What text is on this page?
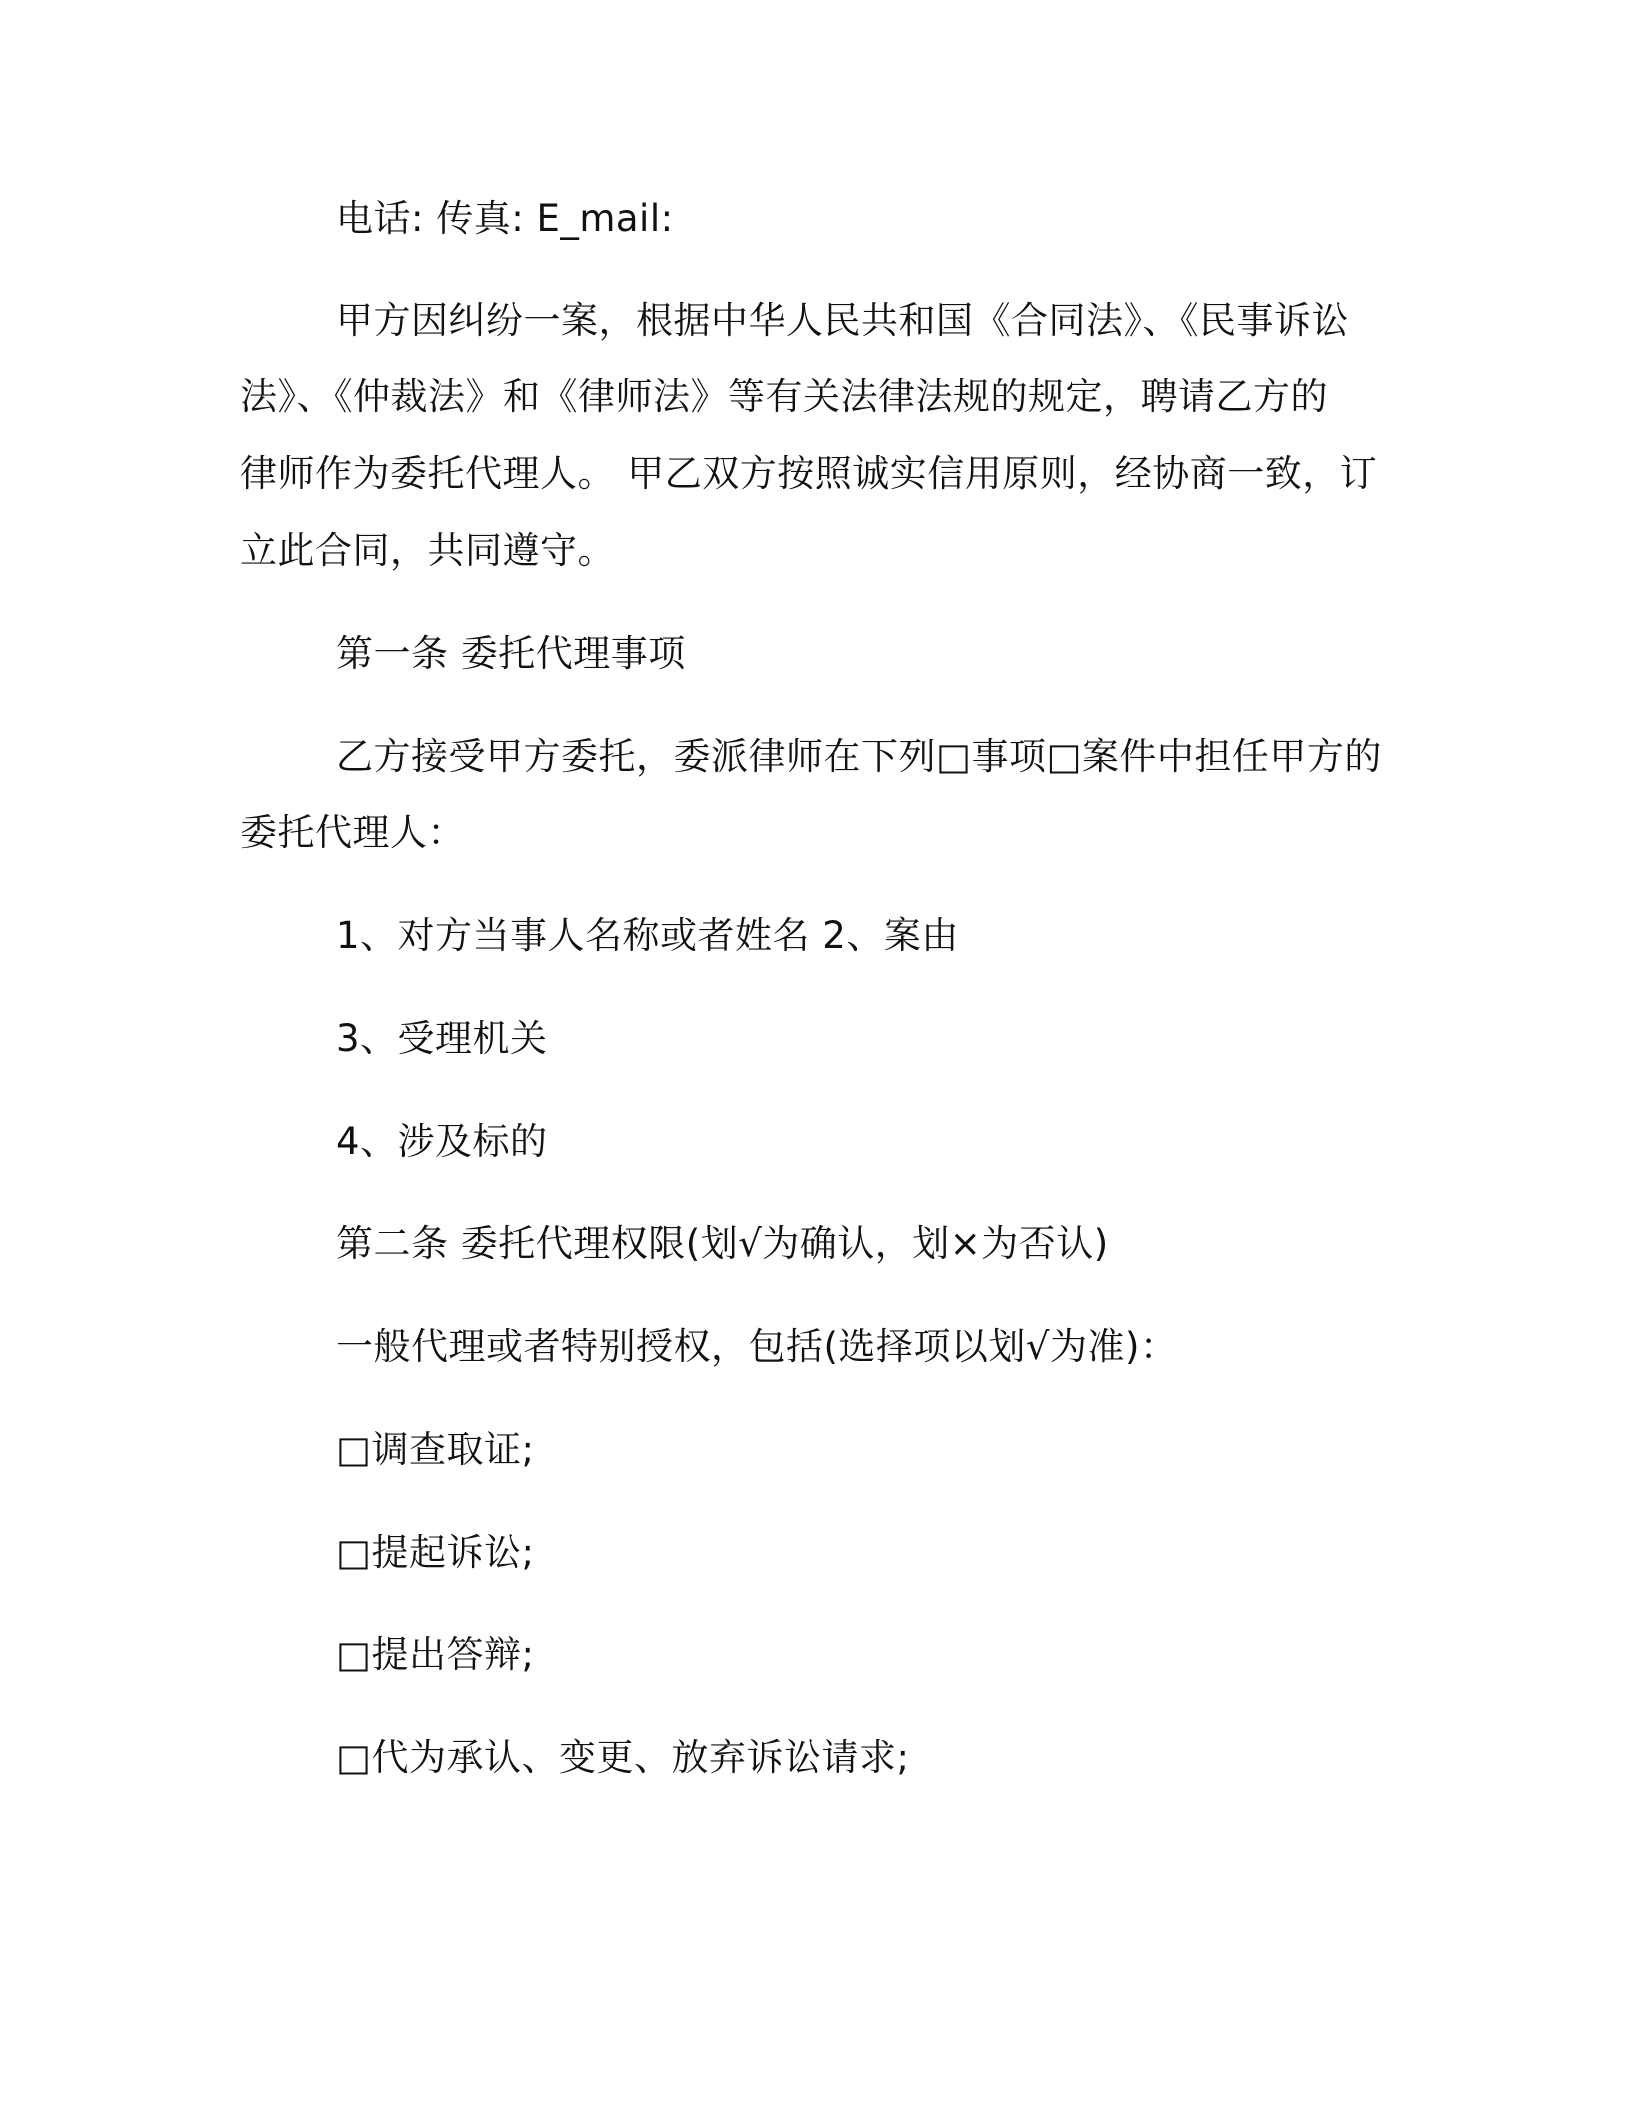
电话: 传真: E_mail:
甲方因纠纷一案，根据中华人民共和国《合同法》、《民事诉讼
法》、《仲裁法》和《律师法》等有关法律法规的规定，聘请乙方的
律师作为委托代理人。 甲乙双方按照诚实信用原则，经协商一致，订
立此合同，共同遵守。
第一条 委托代理事项
乙方接受甲方委托，委派律师在下列□事项□案件中担任甲方的
委托代理人：
1、对方当事人名称或者姓名 2、案由
3、受理机关
4、涉及标的
第二条 委托代理权限(划√为确认，划×为否认)
一般代理或者特别授权，包括(选择项以划√为准)：
□调查取证;
□提起诉讼;
□提出答辩;
□代为承认、变更、放弃诉讼请求;
